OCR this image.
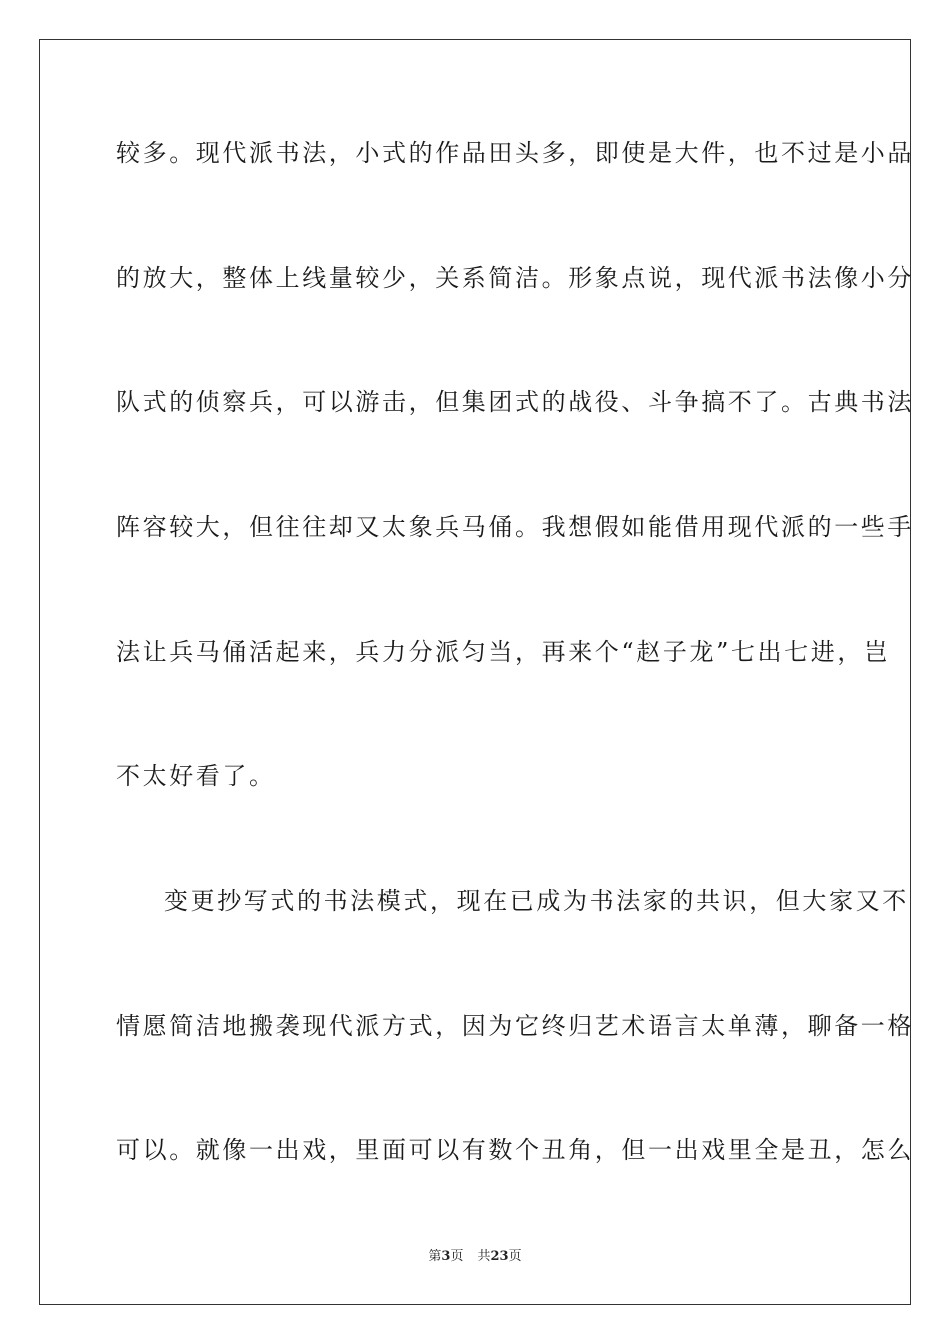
较多。现代派书法，小式的作品田头多，即使是大件，也不过是小品
的放大，整体上线量较少，关系简洁。形象点说，现代派书法像小分
队式的侦察兵，可以游击，但集团式的战役、斗争搞不了。古典书法
阵容较大，但往往却又太象兵马俑。我想假如能借用现代派的一些手
法让兵马俑活起来，兵力分派匀当，再来个“赵子龙”七出七进，岂
不太好看了。
变更抄写式的书法模式，现在已成为书法家的共识，但大家又不
情愿简洁地搬袭现代派方式，因为它终归艺术语言太单薄，聊备一格
可以。就像一出戏，里面可以有数个丑角，但一出戏里全是丑，怎么
第3页 共23页
